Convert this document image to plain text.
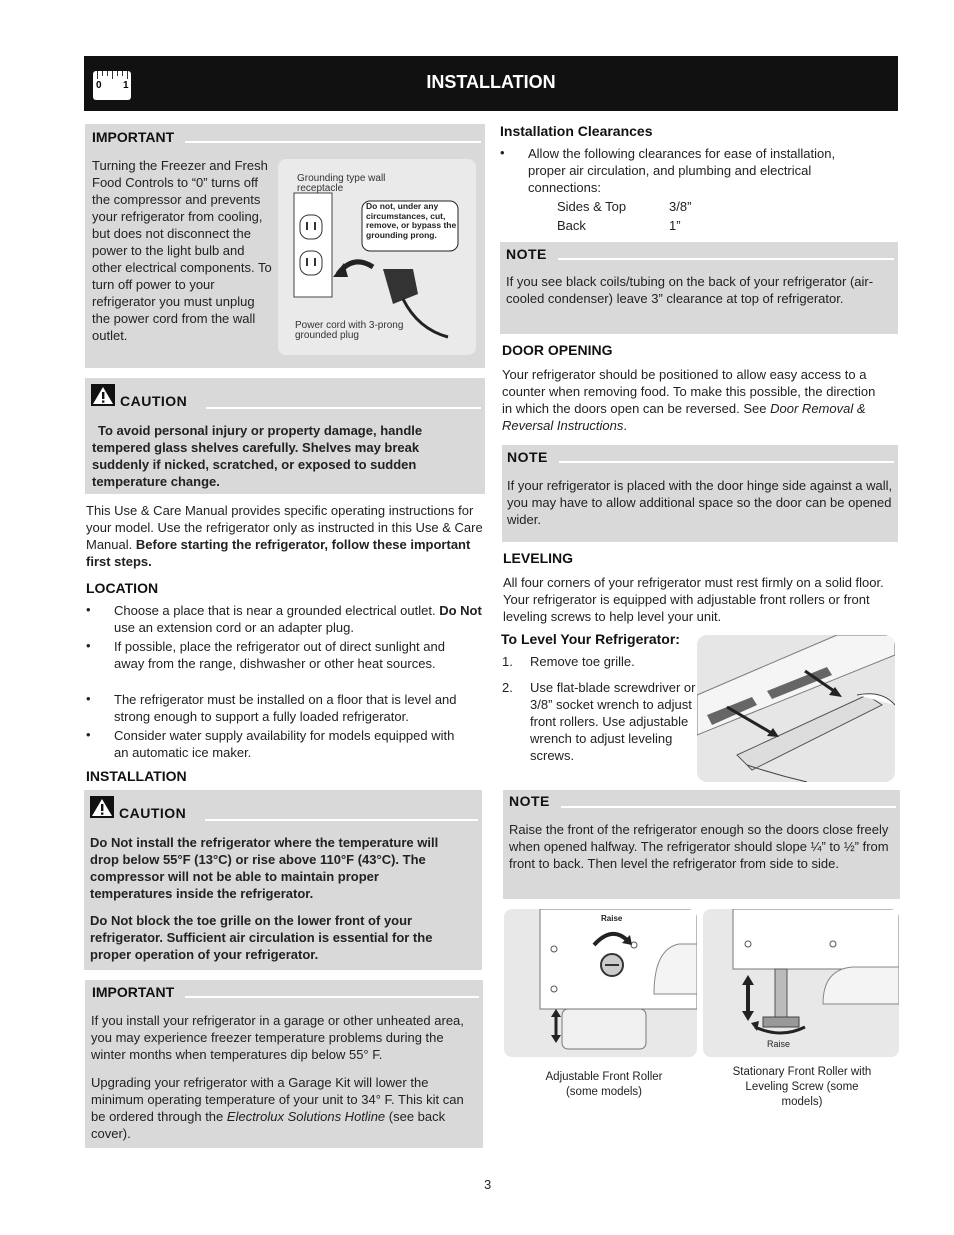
0 1	INSTALLATION
IMPORTANT
Turning the Freezer and Fresh Food Controls to “0” turns off the compressor and prevents your refrigerator from cooling, but does not disconnect the power to the light bulb and other electrical components. To turn off power to your refrigerator you must unplug the power cord from the wall outlet.
Grounding type wall receptacle
Do not, under any circumstances, cut, remove, or bypass the grounding prong.
Power cord with 3-prong grounded plug
CAUTION
To avoid personal injury or property damage, handle tempered glass shelves carefully. Shelves may break suddenly if nicked, scratched, or exposed to sudden temperature change.
This Use & Care Manual provides specific operating instructions for your model. Use the refrigerator only as instructed in this Use & Care Manual. Before starting the refrigerator, follow these important first steps.
LOCATION
• Choose a place that is near a grounded electrical outlet. Do Not use an extension cord or an adapter plug.
• If possible, place the refrigerator out of direct sunlight and away from the range, dishwasher or other heat sources.
• The refrigerator must be installed on a floor that is level and strong enough to support a fully loaded refrigerator.
• Consider water supply availability for models equipped with an automatic ice maker.
INSTALLATION
CAUTION
Do Not install the refrigerator where the temperature will drop below 55°F (13°C) or rise above 110°F (43°C). The compressor will not be able to maintain proper temperatures inside the refrigerator.
Do Not block the toe grille on the lower front of your refrigerator. Sufficient air circulation is essential for the proper operation of your refrigerator.
IMPORTANT
If you install your refrigerator in a garage or other unheated area, you may experience freezer temperature problems during the winter months when temperatures dip below 55° F.
Upgrading your refrigerator with a Garage Kit will lower the minimum operating temperature of your unit to 34° F. This kit can be ordered through the Electrolux Solutions Hotline (see back cover).
Installation Clearances
• Allow the following clearances for ease of installation, proper air circulation, and plumbing and electrical connections:
Sides & Top	3/8”
Back	1”
NOTE
If you see black coils/tubing on the back of your refrigerator (air-cooled condenser) leave 3” clearance at top of refrigerator.
DOOR OPENING
Your refrigerator should be positioned to allow easy access to a counter when removing food. To make this possible, the direction in which the doors open can be reversed. See Door Removal & Reversal Instructions.
NOTE
If your refrigerator is placed with the door hinge side against a wall, you may have to allow additional space so the door can be opened wider.
LEVELING
All four corners of your refrigerator must rest firmly on a solid floor. Your refrigerator is equipped with adjustable front rollers or front leveling screws to help level your unit.
To Level Your Refrigerator:
1. Remove toe grille.
2. Use flat-blade screwdriver or 3/8” socket wrench to adjust front rollers. Use adjustable wrench to adjust leveling screws.
NOTE
Raise the front of the refrigerator enough so the doors close freely when opened halfway. The refrigerator should slope ¼” to ½” from front to back. Then level the refrigerator from side to side.
Raise
Raise
Adjustable Front Roller (some models)
Stationary Front Roller with Leveling Screw (some models)
3
